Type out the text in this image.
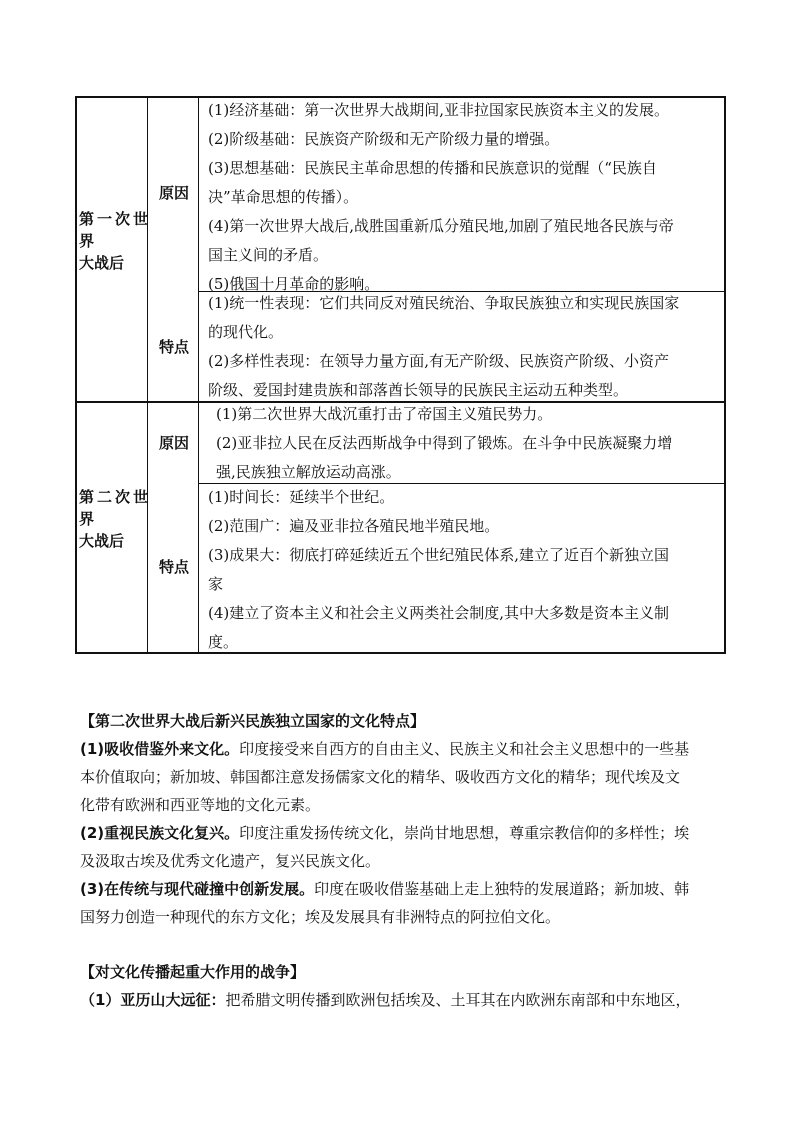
第一次世
界
大战后
原因

(1)经济基础：第一次世界大战期间,亚非拉国家民族资本主义的发展。

(2)阶级基础：民族资产阶级和无产阶级力量的增强。

(3)思想基础：民族民主革命思想的传播和民族意识的觉醒（“民族自

决”革命思想的传播）。

(4)第一次世界大战后,战胜国重新瓜分殖民地,加剧了殖民地各民族与帝

国主义间的矛盾。

(5)俄国十月革命的影响。

特点

(1)统一性表现：它们共同反对殖民统治、争取民族独立和实现民族国家

的现代化。

(2)多样性表现：在领导力量方面,有无产阶级、民族资产阶级、小资产

阶级、爱国封建贵族和部落酋长领导的民族民主运动五种类型。

第二次世
界
大战后
原因

(1)第二次世界大战沉重打击了帝国主义殖民势力。

(2)亚非拉人民在反法西斯战争中得到了锻炼。在斗争中民族凝聚力增

强,民族独立解放运动高涨。

特点

(1)时间长：延续半个世纪。

(2)范围广：遍及亚非拉各殖民地半殖民地。

(3)成果大：彻底打碎延续近五个世纪殖民体系,建立了近百个新独立国

家

(4)建立了资本主义和社会主义两类社会制度,其中大多数是资本主义制

度。

【第二次世界大战后新兴民族独立国家的文化特点】

(1)吸收借鉴外来文化。印度接受来自西方的自由主义、民族主义和社会主义思想中的一些基

本价值取向；新加坡、韩国都注意发扬儒家文化的精华、吸收西方文化的精华；现代埃及文

化带有欧洲和西亚等地的文化元素。

(2)重视民族文化复兴。印度注重发扬传统文化，崇尚甘地思想，尊重宗教信仰的多样性；埃

及汲取古埃及优秀文化遗产，复兴民族文化。

(3)在传统与现代碰撞中创新发展。印度在吸收借鉴基础上走上独特的发展道路；新加坡、韩

国努力创造一种现代的东方文化；埃及发展具有非洲特点的阿拉伯文化。

【对文化传播起重大作用的战争】

（1）亚历山大远征：把希腊文明传播到欧洲包括埃及、土耳其在内欧洲东南部和中东地区，
